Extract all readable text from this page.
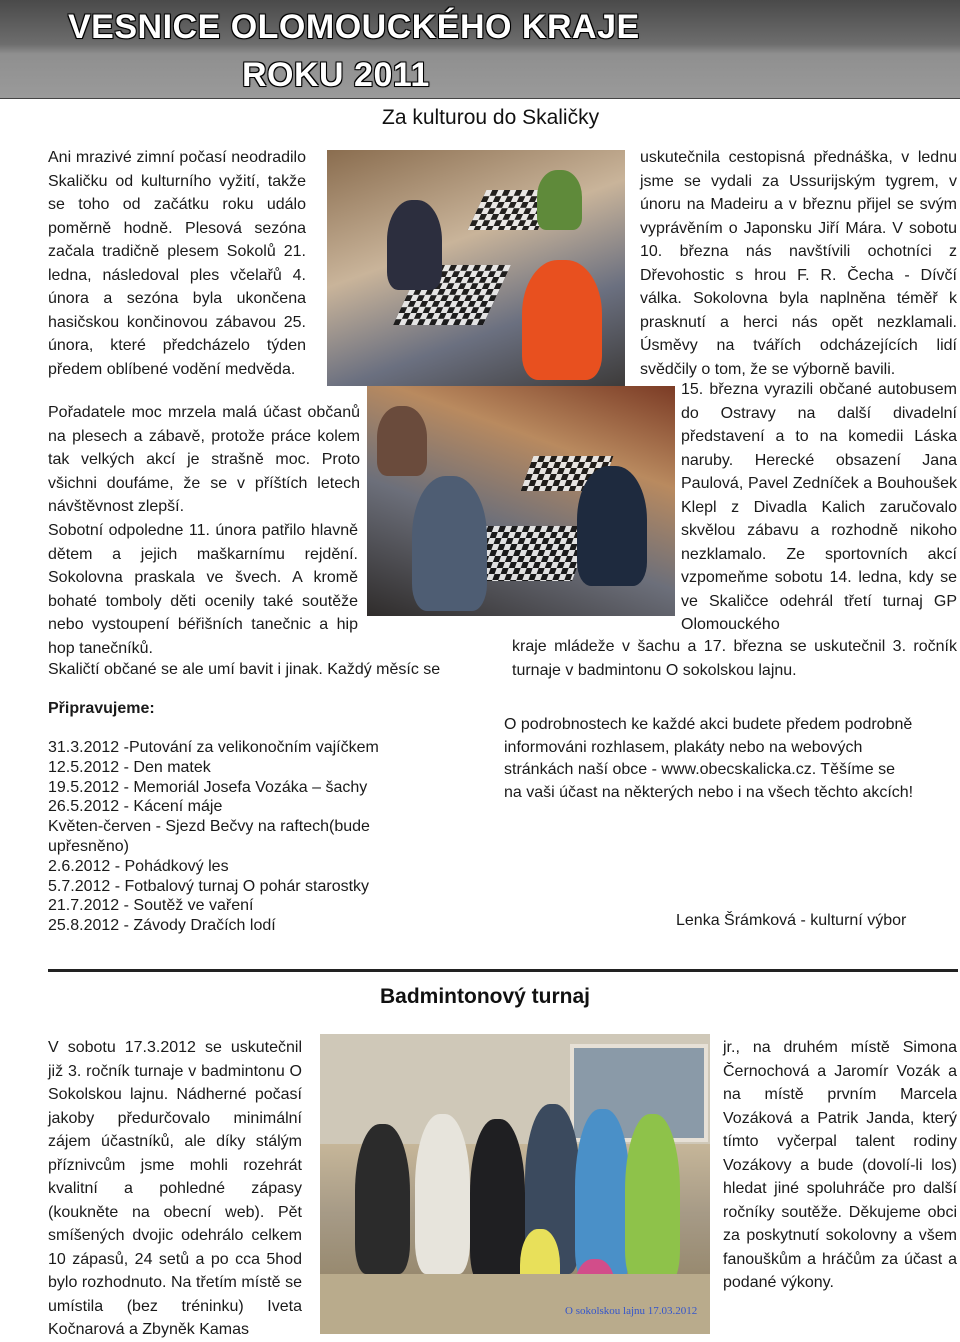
VESNICE OLOMOUCKÉHO KRAJE
ROKU 2011
Za kulturou do Skaličky

Ani mrazivé zimní počasí neodradilo Skaličku od kulturního vyžití, takže se toho od začátku roku událo poměrně hodně. Plesová sezóna začala tradičně plesem Sokolů 21. ledna, následoval ples včelařů 4. února a sezóna byla ukončena hasičskou končinovou zábavou 25. února, které předcházelo týden předem oblíbené vodění medvěda.

Pořadatele moc mrzela malá účast občanů na plesech a zábavě, protože práce kolem tak velkých akcí je strašně moc. Proto všichni doufáme, že se v příštích letech návštěvnost zlepší.

Sobotní odpoledne 11. února patřilo hlavně dětem a jejich maškarnímu rejdění. Sokolovna praskala ve švech. A kromě bohaté tomboly děti ocenily také soutěže nebo vystoupení béřišních tanečnic a hip hop tanečníků.

Skaličtí občané se ale umí bavit i jinak. Každý měsíc se

uskutečnila cestopisná přednáška, v lednu jsme se vydali za Ussurijským tygrem, v únoru na Madeiru a v březnu přijel se svým vyprávěním o Japonsku Jiří Mára. V sobotu 10. března nás navštívili ochotníci z Dřevohostic s hrou F. R. Čecha - Dívčí válka. Sokolovna byla naplněna téměř k prasknutí a herci nás opět nezklamali. Úsměvy na tvářích odcházejících lidí svědčily o tom, že se výborně bavili.

15. března vyrazili občané autobusem do Ostravy na další divadelní představení a to na komedii Láska naruby. Herecké obsazení Jana Paulová, Pavel Zedníček a Bouhoušek Klepl z Divadla Kalich zaručovalo skvělou zábavu a rozhodně nikoho nezklamalo. Ze sportovních akcí vzpomeňme sobotu 14. ledna, kdy se ve Skaličce odehrál třetí turnaj GP Olomouckého

kraje mládeže v šachu a 17. března se uskutečnil 3. ročník turnaje v badmintonu O sokolskou lajnu.

Připravujeme:
31.3.2012 -Putování za velikonočním vajíčkem
12.5.2012 - Den matek
19.5.2012 - Memoriál Josefa Vozáka – šachy
26.5.2012 - Kácení máje
Květen-červen - Sjezd Bečvy na raftech(bude upřesněno)
2.6.2012 - Pohádkový les
5.7.2012 - Fotbalový turnaj O pohár starostky
21.7.2012 - Soutěž ve vaření
25.8.2012 - Závody Dračích lodí

O podrobnostech ke každé akci budete předem podrobně informováni rozhlasem, plakáty nebo na webových stránkách naší obce - www.obecskalicka.cz. Těšíme se na vaši účast na některých nebo i na všech těchto akcích!

Lenka Šrámková - kulturní výbor
Badmintonový turnaj

V sobotu 17.3.2012 se uskutečnil již 3. ročník turnaje v badmintonu O Sokolskou lajnu. Nádherné počasí jakoby předurčovalo minimální zájem účastníků, ale díky stálým příznivcům jsme mohli rozehrát kvalitní a pohledné zápasy (koukněte na obecní web). Pět smíšených dvojic odehrálo celkem 10 zápasů, 24 setů a po cca 5hod bylo rozhodnuto. Na třetím místě se umístila (bez tréninku) Iveta Kočnarová a Zbyněk Kamas

O sokolskou lajnu 17.03.2012

jr., na druhém místě Simona Černochová a Jaromír Vozák a na místě prvním Marcela Vozáková a Patrik Janda, který tímto vyčerpal talent rodiny Vozákovy a bude (dovolí-li los) hledat jiné spoluhráče pro další ročníky soutěže. Děkujeme obci za poskytnutí sokolovny a všem fanouškům a hráčům za účast a podané výkony.
